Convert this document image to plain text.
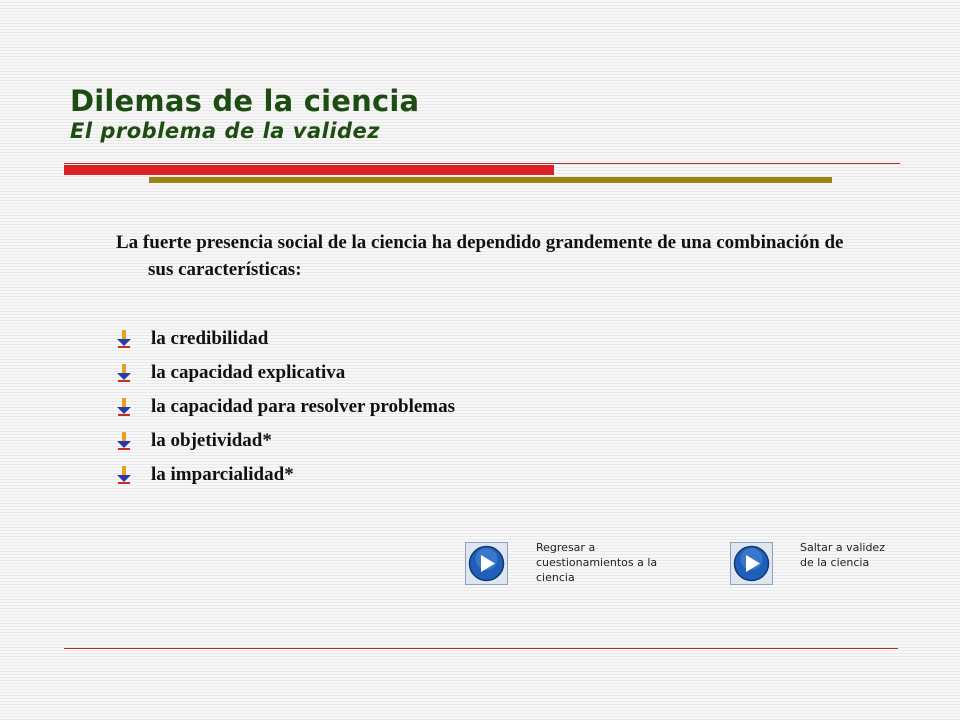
Dilemas de la ciencia
El problema de la validez

La fuerte presencia social de la ciencia ha dependido grandemente de una combinación de sus características:

la credibilidad
la capacidad explicativa
la capacidad para resolver problemas
la objetividad*
la imparcialidad*

Regresar a cuestionamientos a la ciencia

Saltar a validez de la ciencia
